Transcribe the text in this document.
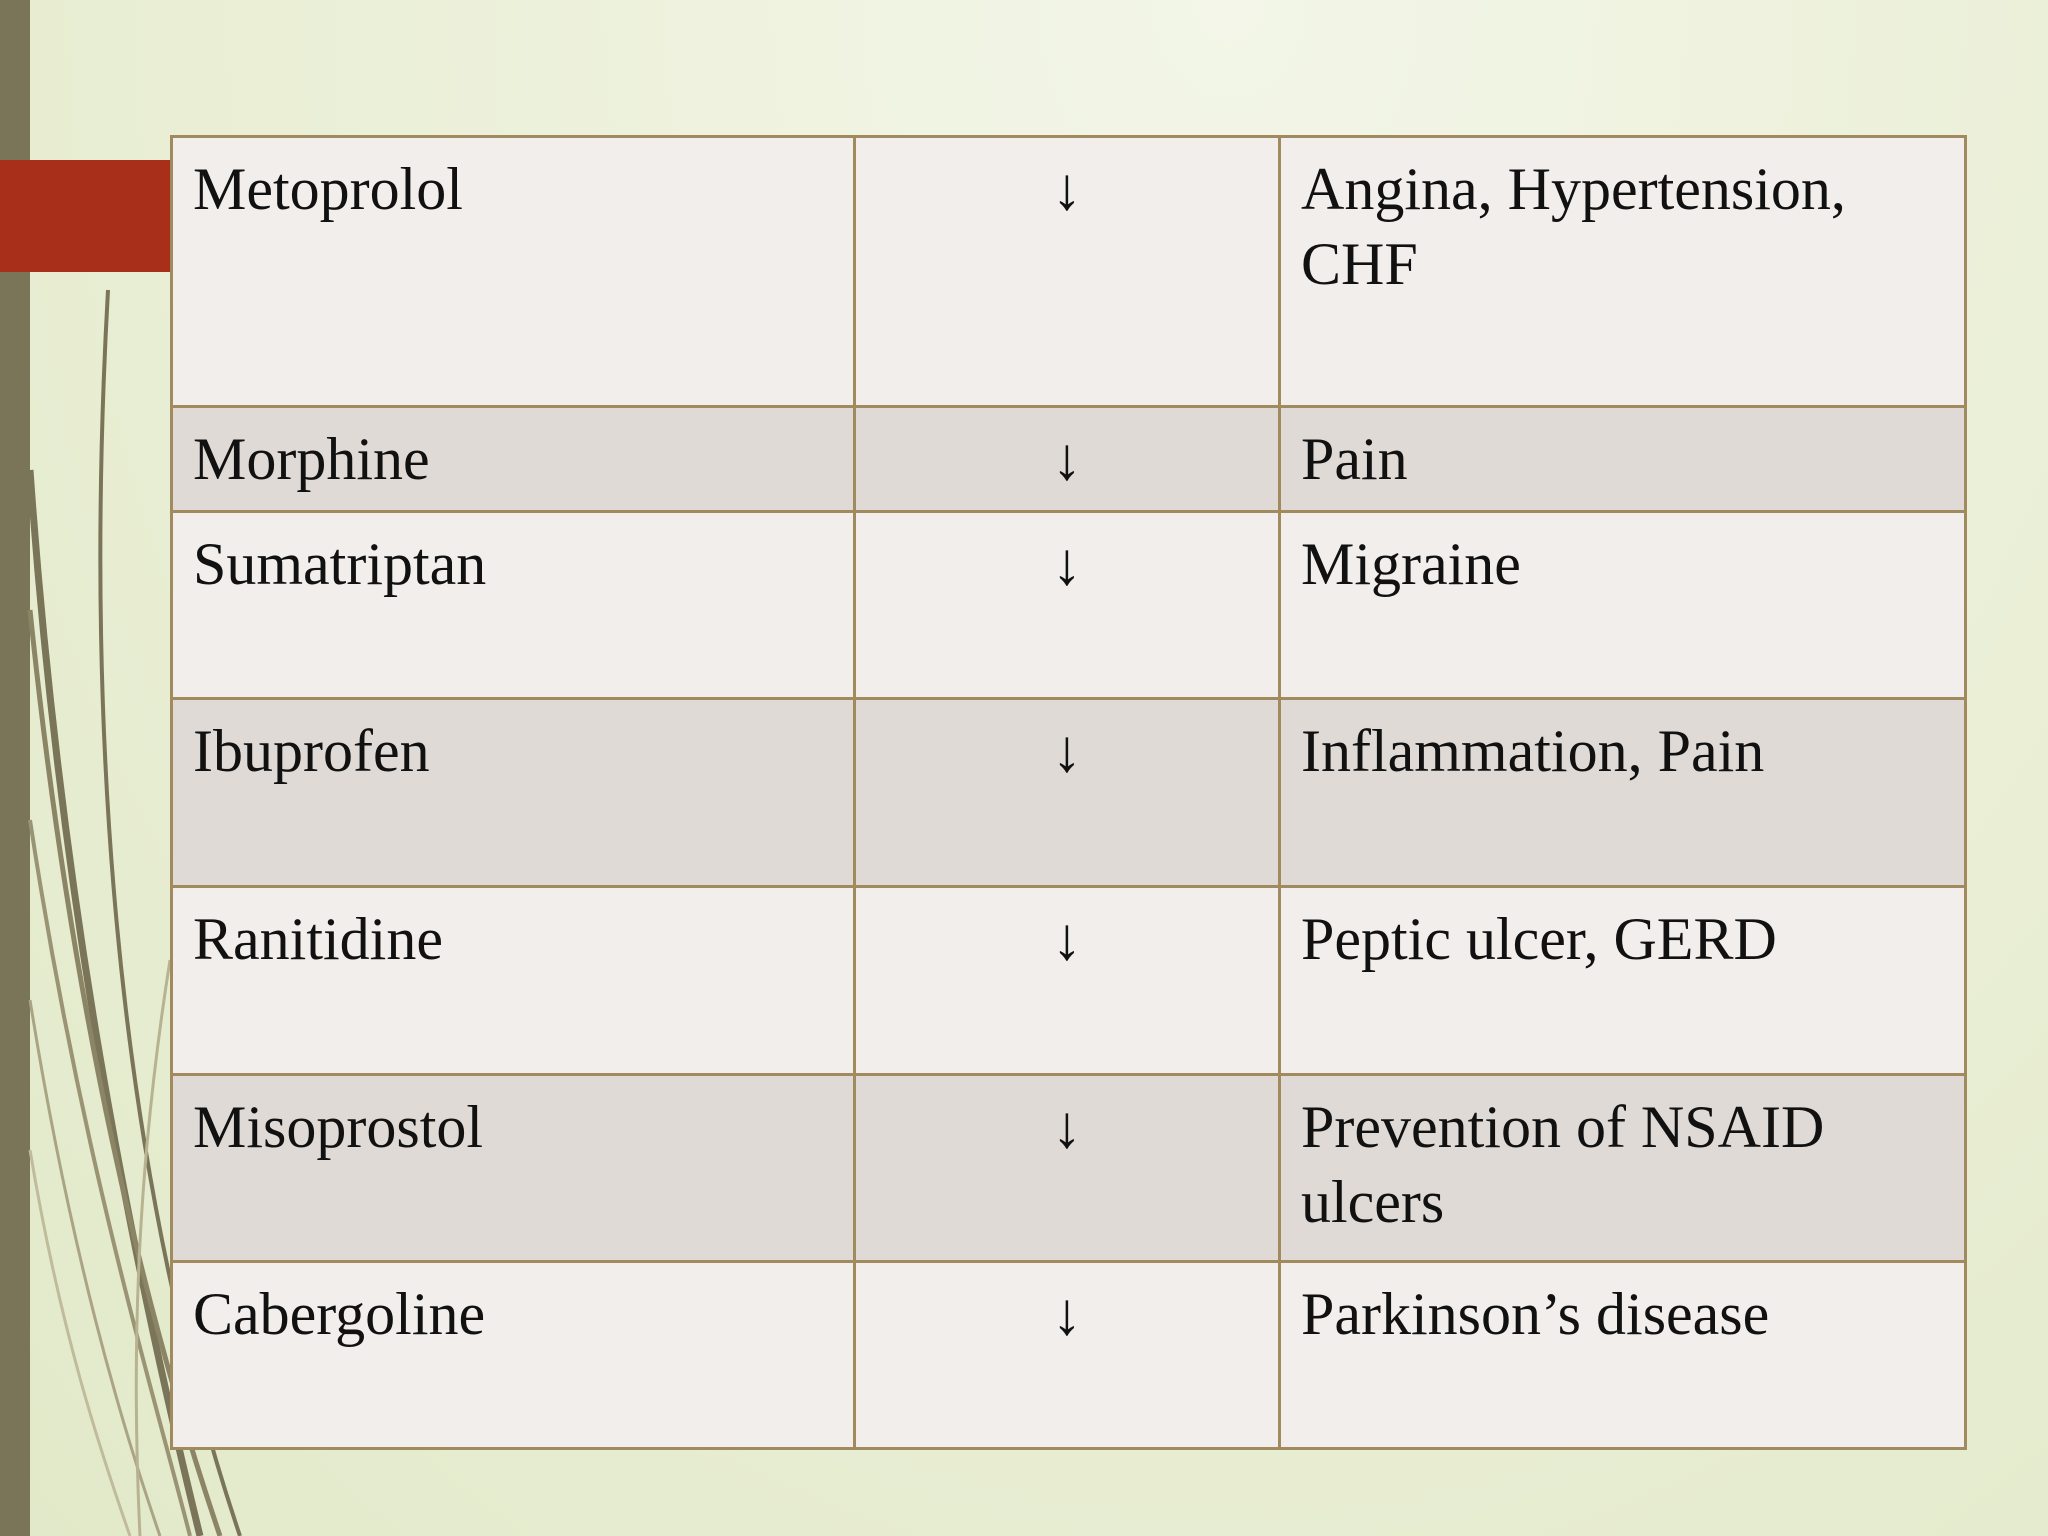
Metoprolol	↓	Angina, Hypertension, CHF
Morphine	↓	Pain
Sumatriptan	↓	Migraine
Ibuprofen	↓	Inflammation, Pain
Ranitidine	↓	Peptic ulcer, GERD
Misoprostol	↓	Prevention of NSAID ulcers
Cabergoline	↓	Parkinson’s disease
